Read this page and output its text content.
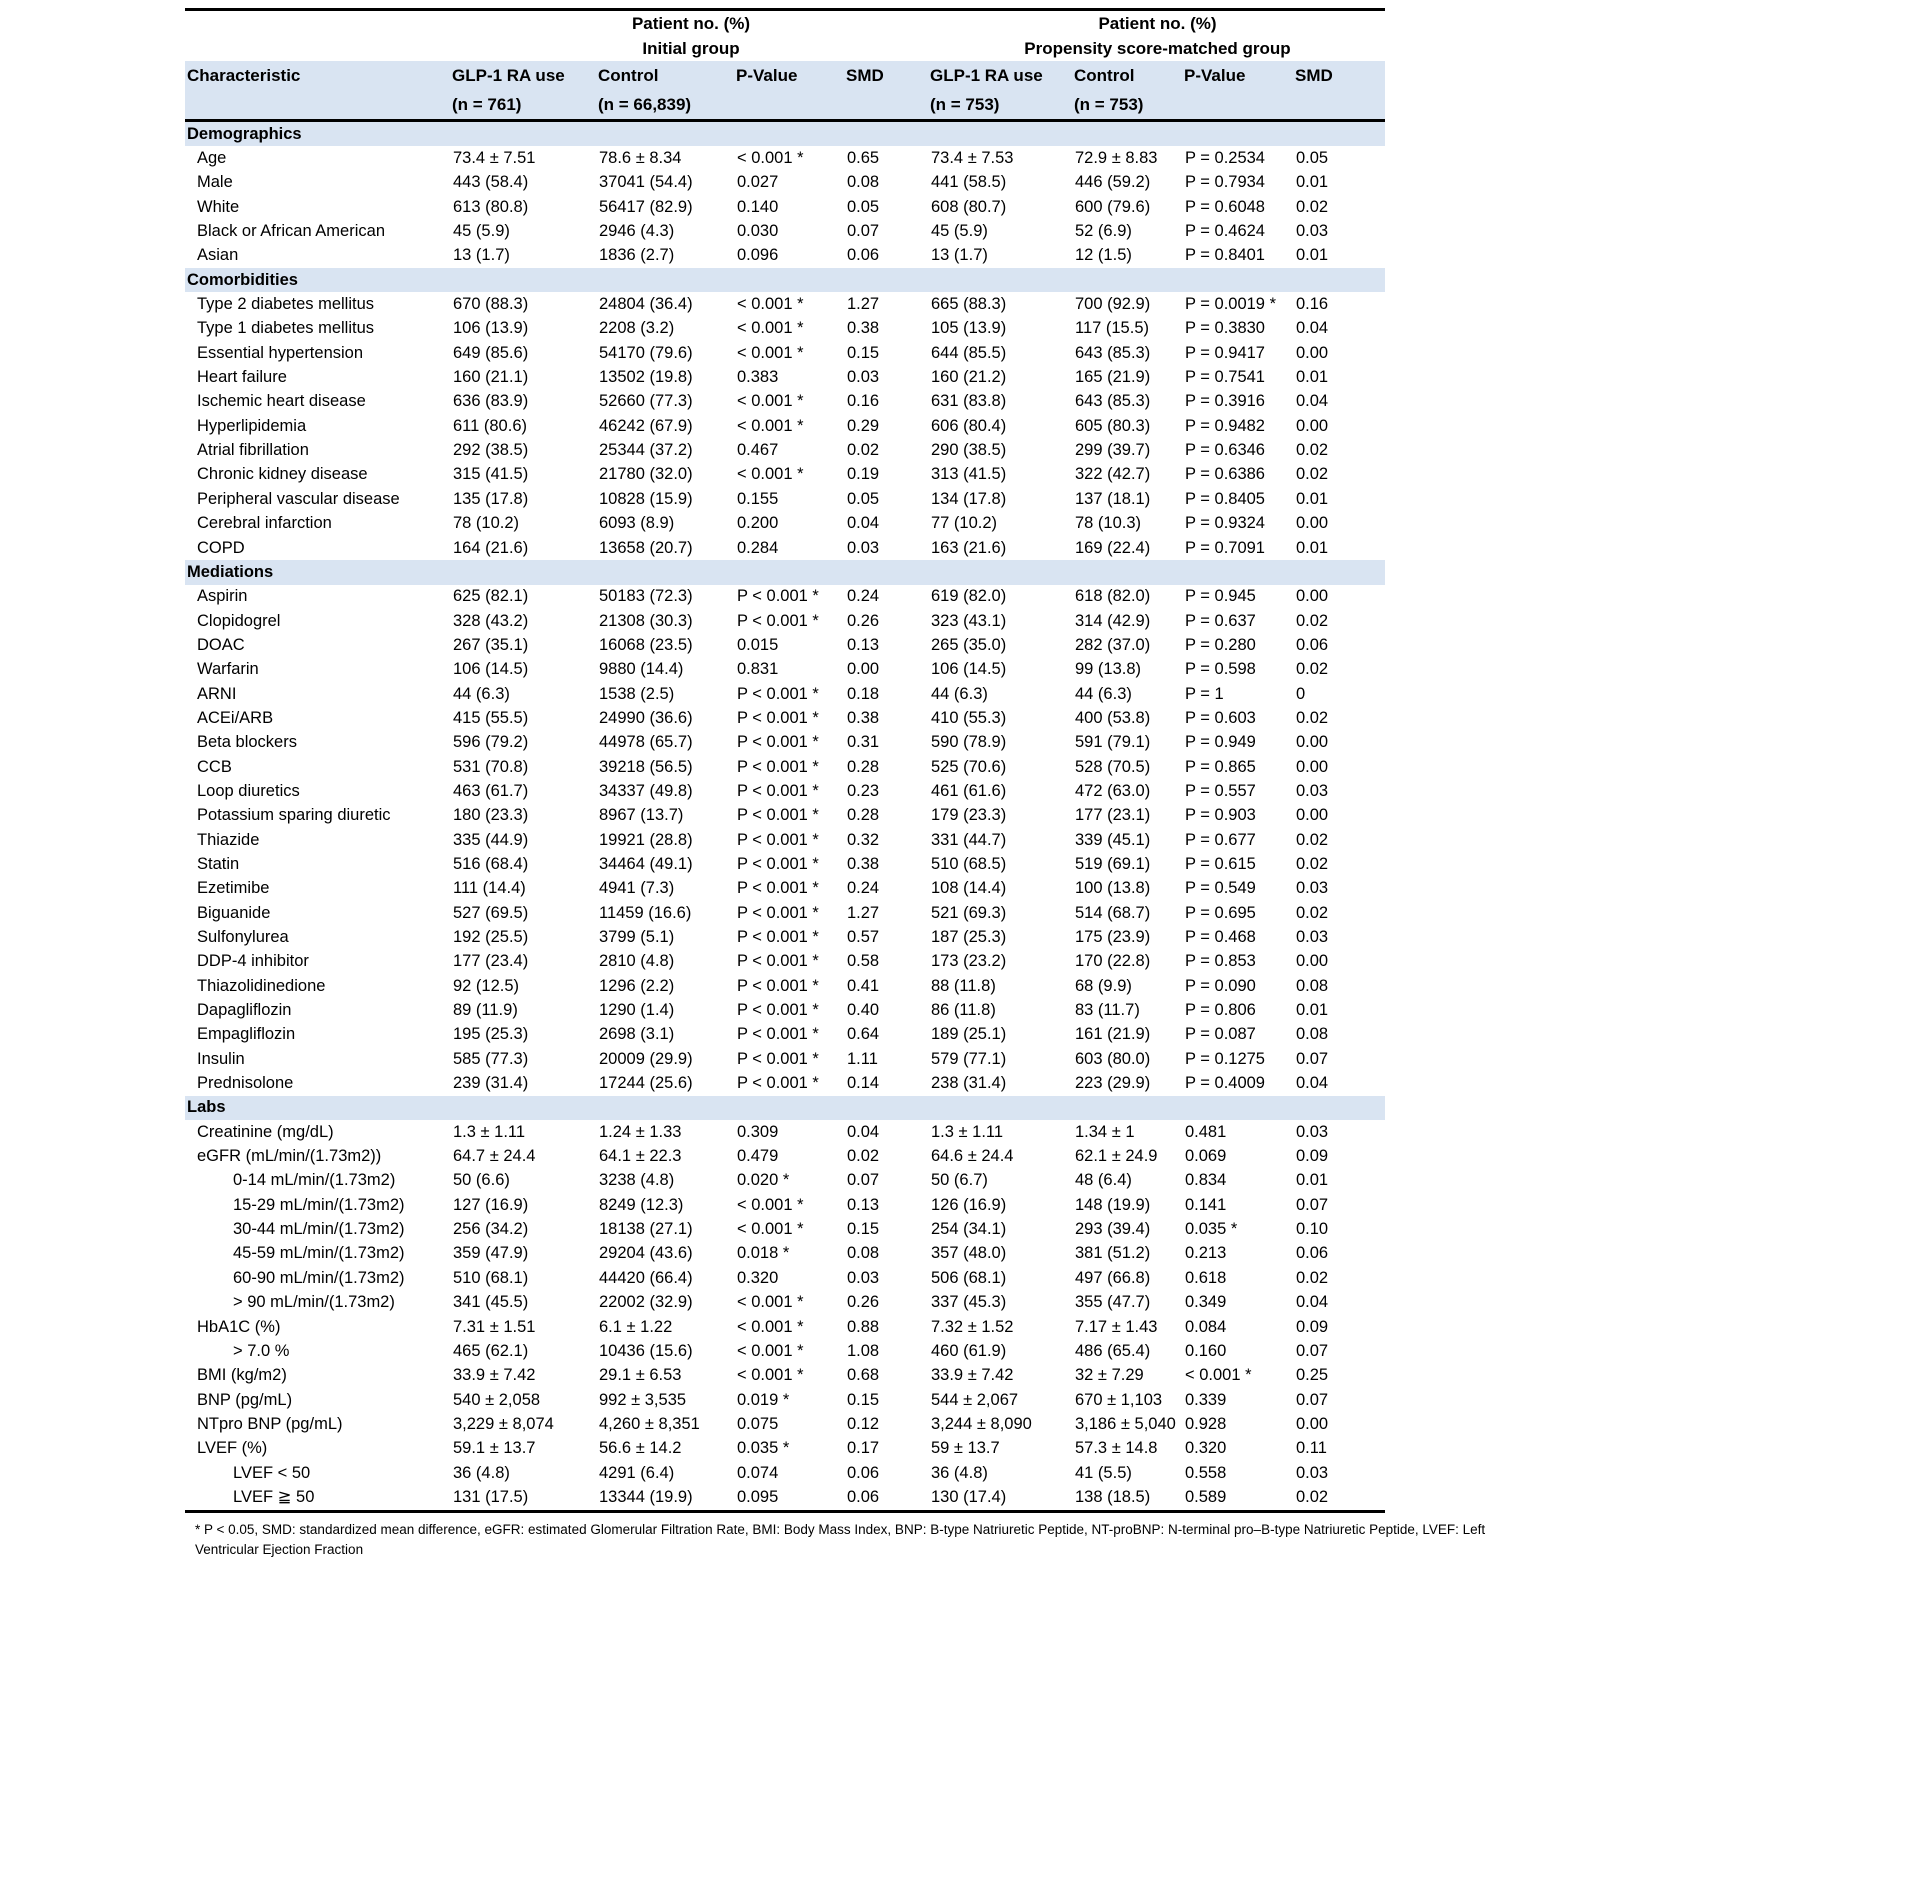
	Patient no. (%)				Patient no. (%)			
	Initial group				Propensity score-matched group			
Characteristic	GLP-1 RA use	Control	P-Value	SMD	GLP-1 RA use	Control	P-Value	SMD
	(n = 761)	(n = 66,839)			(n = 753)	(n = 753)		
Demographics								
Age	73.4 ± 7.51	78.6 ± 8.34	< 0.001 *	0.65	73.4 ± 7.53	72.9 ± 8.83	P = 0.2534	0.05
Male	443 (58.4)	37041 (54.4)	0.027	0.08	441 (58.5)	446 (59.2)	P = 0.7934	0.01
White	613 (80.8)	56417 (82.9)	0.140	0.05	608 (80.7)	600 (79.6)	P = 0.6048	0.02
Black or African American	45 (5.9)	2946 (4.3)	0.030	0.07	45 (5.9)	52 (6.9)	P = 0.4624	0.03
Asian	13 (1.7)	1836 (2.7)	0.096	0.06	13 (1.7)	12 (1.5)	P = 0.8401	0.01
Comorbidities								
Type 2 diabetes mellitus	670 (88.3)	24804 (36.4)	< 0.001 *	1.27	665 (88.3)	700 (92.9)	P = 0.0019 *	0.16
Type 1 diabetes mellitus	106 (13.9)	2208 (3.2)	< 0.001 *	0.38	105 (13.9)	117 (15.5)	P = 0.3830	0.04
Essential hypertension	649 (85.6)	54170 (79.6)	< 0.001 *	0.15	644 (85.5)	643 (85.3)	P = 0.9417	0.00
Heart failure	160 (21.1)	13502 (19.8)	0.383	0.03	160 (21.2)	165 (21.9)	P = 0.7541	0.01
Ischemic heart disease	636 (83.9)	52660 (77.3)	< 0.001 *	0.16	631 (83.8)	643 (85.3)	P = 0.3916	0.04
Hyperlipidemia	611 (80.6)	46242 (67.9)	< 0.001 *	0.29	606 (80.4)	605 (80.3)	P = 0.9482	0.00
Atrial fibrillation	292 (38.5)	25344 (37.2)	0.467	0.02	290 (38.5)	299 (39.7)	P = 0.6346	0.02
Chronic kidney disease	315 (41.5)	21780 (32.0)	< 0.001 *	0.19	313 (41.5)	322 (42.7)	P = 0.6386	0.02
Peripheral vascular disease	135 (17.8)	10828 (15.9)	0.155	0.05	134 (17.8)	137 (18.1)	P = 0.8405	0.01
Cerebral infarction	78 (10.2)	6093 (8.9)	0.200	0.04	77 (10.2)	78 (10.3)	P = 0.9324	0.00
COPD	164 (21.6)	13658 (20.7)	0.284	0.03	163 (21.6)	169 (22.4)	P = 0.7091	0.01
Mediations								
Aspirin	625 (82.1)	50183 (72.3)	P < 0.001 *	0.24	619 (82.0)	618 (82.0)	P = 0.945	0.00
Clopidogrel	328 (43.2)	21308 (30.3)	P < 0.001 *	0.26	323 (43.1)	314 (42.9)	P = 0.637	0.02
DOAC	267 (35.1)	16068 (23.5)	0.015	0.13	265 (35.0)	282 (37.0)	P = 0.280	0.06
Warfarin	106 (14.5)	9880 (14.4)	0.831	0.00	106 (14.5)	99 (13.8)	P = 0.598	0.02
ARNI	44 (6.3)	1538 (2.5)	P < 0.001 *	0.18	44 (6.3)	44 (6.3)	P = 1	0
ACEi/ARB	415 (55.5)	24990 (36.6)	P < 0.001 *	0.38	410 (55.3)	400 (53.8)	P = 0.603	0.02
Beta blockers	596 (79.2)	44978 (65.7)	P < 0.001 *	0.31	590 (78.9)	591 (79.1)	P = 0.949	0.00
CCB	531 (70.8)	39218 (56.5)	P < 0.001 *	0.28	525 (70.6)	528 (70.5)	P = 0.865	0.00
Loop diuretics	463 (61.7)	34337 (49.8)	P < 0.001 *	0.23	461 (61.6)	472 (63.0)	P = 0.557	0.03
Potassium sparing diuretic	180 (23.3)	8967 (13.7)	P < 0.001 *	0.28	179 (23.3)	177 (23.1)	P = 0.903	0.00
Thiazide	335 (44.9)	19921 (28.8)	P < 0.001 *	0.32	331 (44.7)	339 (45.1)	P = 0.677	0.02
Statin	516 (68.4)	34464 (49.1)	P < 0.001 *	0.38	510 (68.5)	519 (69.1)	P = 0.615	0.02
Ezetimibe	111 (14.4)	4941 (7.3)	P < 0.001 *	0.24	108 (14.4)	100 (13.8)	P = 0.549	0.03
Biguanide	527 (69.5)	11459 (16.6)	P < 0.001 *	1.27	521 (69.3)	514 (68.7)	P = 0.695	0.02
Sulfonylurea	192 (25.5)	3799 (5.1)	P < 0.001 *	0.57	187 (25.3)	175 (23.9)	P = 0.468	0.03
DDP-4 inhibitor	177 (23.4)	2810 (4.8)	P < 0.001 *	0.58	173 (23.2)	170 (22.8)	P = 0.853	0.00
Thiazolidinedione	92 (12.5)	1296 (2.2)	P < 0.001 *	0.41	88 (11.8)	68 (9.9)	P = 0.090	0.08
Dapagliflozin	89 (11.9)	1290 (1.4)	P < 0.001 *	0.40	86 (11.8)	83 (11.7)	P = 0.806	0.01
Empagliflozin	195 (25.3)	2698 (3.1)	P < 0.001 *	0.64	189 (25.1)	161 (21.9)	P = 0.087	0.08
Insulin	585 (77.3)	20009 (29.9)	P < 0.001 *	1.11	579 (77.1)	603 (80.0)	P = 0.1275	0.07
Prednisolone	239 (31.4)	17244 (25.6)	P < 0.001 *	0.14	238 (31.4)	223 (29.9)	P = 0.4009	0.04
Labs								
Creatinine (mg/dL)	1.3 ± 1.11	1.24 ± 1.33	0.309	0.04	1.3 ± 1.11	1.34 ± 1	0.481	0.03
eGFR (mL/min/(1.73m2))	64.7 ± 24.4	64.1 ± 22.3	0.479	0.02	64.6 ± 24.4	62.1 ± 24.9	0.069	0.09
0-14 mL/min/(1.73m2)	50 (6.6)	3238 (4.8)	0.020 *	0.07	50 (6.7)	48 (6.4)	0.834	0.01
15-29 mL/min/(1.73m2)	127 (16.9)	8249 (12.3)	< 0.001 *	0.13	126 (16.9)	148 (19.9)	0.141	0.07
30-44 mL/min/(1.73m2)	256 (34.2)	18138 (27.1)	< 0.001 *	0.15	254 (34.1)	293 (39.4)	0.035 *	0.10
45-59 mL/min/(1.73m2)	359 (47.9)	29204 (43.6)	0.018 *	0.08	357 (48.0)	381 (51.2)	0.213	0.06
60-90 mL/min/(1.73m2)	510 (68.1)	44420 (66.4)	0.320	0.03	506 (68.1)	497 (66.8)	0.618	0.02
> 90 mL/min/(1.73m2)	341 (45.5)	22002 (32.9)	< 0.001 *	0.26	337 (45.3)	355 (47.7)	0.349	0.04
HbA1C (%)	7.31 ± 1.51	6.1 ± 1.22	< 0.001 *	0.88	7.32 ± 1.52	7.17 ± 1.43	0.084	0.09
> 7.0 %	465 (62.1)	10436 (15.6)	< 0.001 *	1.08	460 (61.9)	486 (65.4)	0.160	0.07
BMI (kg/m2)	33.9 ± 7.42	29.1 ± 6.53	< 0.001 *	0.68	33.9 ± 7.42	32 ± 7.29	< 0.001 *	0.25
BNP (pg/mL)	540 ± 2,058	992 ± 3,535	0.019 *	0.15	544 ± 2,067	670 ± 1,103	0.339	0.07
NTpro BNP (pg/mL)	3,229 ± 8,074	4,260 ± 8,351	0.075	0.12	3,244 ± 8,090	3,186 ± 5,040	0.928	0.00
LVEF (%)	59.1 ± 13.7	56.6 ± 14.2	0.035 *	0.17	59 ± 13.7	57.3 ± 14.8	0.320	0.11
LVEF < 50	36 (4.8)	4291 (6.4)	0.074	0.06	36 (4.8)	41 (5.5)	0.558	0.03
LVEF ≧ 50	131 (17.5)	13344 (19.9)	0.095	0.06	130 (17.4)	138 (18.5)	0.589	0.02
* P < 0.05, SMD: standardized mean difference, eGFR: estimated Glomerular Filtration Rate, BMI: Body Mass Index, BNP: B-type Natriuretic Peptide, NT-proBNP: N-terminal pro–B-type Natriuretic Peptide, LVEF: Left Ventricular Ejection Fraction
